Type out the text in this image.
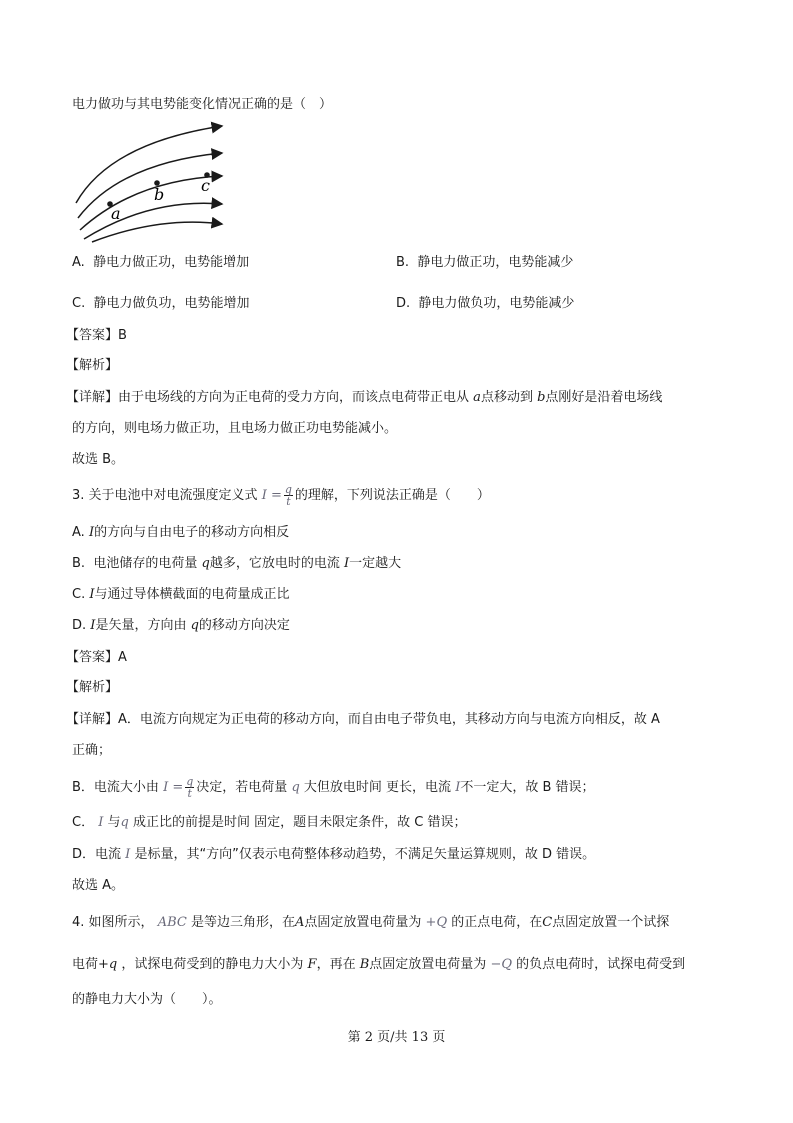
电力做功与其电势能变化情况正确的是（　）
a
b c
A. 静电力做正功，电势能增加	B. 静电力做正功，电势能减少
C. 静电力做负功，电势能增加	D. 静电力做负功，电势能减少
【答案】B
【解析】
【详解】由于电场线的方向为正电荷的受力方向，而该点电荷带正电从 a点移动到 b点刚好是沿着电场线
的方向，则电场力做正功，且电场力做正功电势能减小。
故选 B。
3. 关于电池中对电流强度定义式 $I = \frac{q}{t}$ 的理解，下列说法正确是（　　）
A. I的方向与自由电子的移动方向相反
B. 电池储存的电荷量 q越多，它放电时的电流 I一定越大
C. I与通过导体横截面的电荷量成正比
D. I是矢量，方向由 q的移动方向决定
【答案】A
【解析】
【详解】A．电流方向规定为正电荷的移动方向，而自由电子带负电，其移动方向与电流方向相反，故 A
正确；
B．电流大小由 $I = \frac{q}{t}$ 决定，若电荷量 q 大但放电时间 更长，电流 I不一定大，故 B 错误；
C． I 与q 成正比的前提是时间 固定，题目未限定条件，故 C 错误；
D．电流 I 是标量，其“方向”仅表示电荷整体移动趋势，不满足矢量运算规则，故 D 错误。
故选 A。
4. 如图所示， ABC 是等边三角形，在A点固定放置电荷量为 +Q 的正点电荷，在C点固定放置一个试探
电荷+q ，试探电荷受到的静电力大小为 F，再在 B点固定放置电荷量为 −Q 的负点电荷时，试探电荷受到
的静电力大小为（　　）。
第 2 页/共 13 页
